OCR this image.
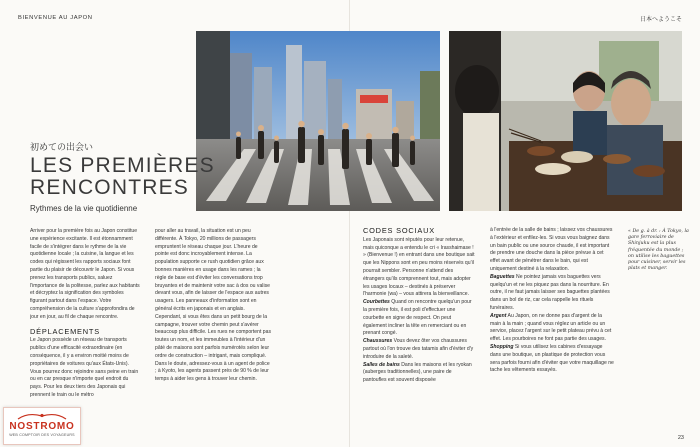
BIENVENUE AU JAPON	日本へようこそ
« De g. à dr. : À Tokyo, la gare ferroviaire de Shinjuku est la plus fréquentée du monde ; on utilise les baguettes pour cuisiner, servir les plats et manger.
初めての出会い
LES PREMIÈRES
RENCONTRES
Rythmes de la vie quotidienne

Arriver pour la première fois au Japon constitue une expérience excitante. Il est étonnamment facile de s'intégrer dans le rythme de la vie quotidienne locale ; la cuisine, la langue et les codes qui régissent les rapports sociaux font partie du plaisir de découvrir le Japon. Si vous prenez les transports publics, saluez l'importance de la politesse, parlez aux habitants et décryptez la signification des symboles figurant partout dans l'espace. Votre compréhension de la culture s'approfondira de jour en jour, au fil de chaque rencontre.

DÉPLACEMENTS

Le Japon possède un réseau de transports publics d'une efficacité extraordinaire (en conséquence, il y a environ moitié moins de propriétaires de voitures qu'aux États-Unis). Vous pourrez donc rejoindre sans peine en train ou en car presque n'importe quel endroit du pays. Pour les deux tiers des Japonais qui prennent le train ou le métro

pour aller au travail, la situation est un peu différente. À Tokyo, 20 millions de passagers empruntent le réseau chaque jour. L'heure de pointe est donc incroyablement intense. La population supporte ce rush quotidien grâce aux bonnes manières en usage dans les rames ; la règle de base est d'éviter les conversations trop bruyantes et de maintenir votre sac à dos ou valise devant vous, afin de laisser de l'espace aux autres usagers. Les panneaux d'information sont en général écrits en japonais et en anglais. Cependant, si vous êtes dans un petit bourg de la campagne, trouver votre chemin peut s'avérer beaucoup plus difficile. Les rues ne comportent pas toutes un nom, et les immeubles à l'intérieur d'un pâté de maisons sont parfois numérotés selon leur ordre de construction – intrigant, mais compliqué. Dans le doute, adressez-vous à un agent de police ; à Kyoto, les agents passent près de 90 % de leur temps à aider les gens à trouver leur chemin.

CODES SOCIAUX

Les Japonais sont réputés pour leur retenue, mais quiconque a entendu le cri « Irasshaimase ! » (Bienvenue !) en entrant dans une boutique sait que les Nippons sont en peu moins réservés qu'il pourrait sembler. Personne n'attend des étrangers qu'ils comprennent tout, mais adopter les usages locaux – destinés à préserver l'harmonie (wa) – vous attirera la bienveillance.

Courbettes Quand on rencontre quelqu'un pour la première fois, il est poli d'effectuer une courbette en signe de respect. On peut également incliner la tête en remerciant ou en prenant congé.

Chaussures Vous devez ôter vos chaussures partout où l'on trouve des tatamis afin d'éviter d'y introduire de la saleté.

Salles de bains Dans les maisons et les ryokan (auberges traditionnelles), une paire de pantoufles est souvent disposée

à l'entrée de la salle de bains ; laissez vos chaussures à l'extérieur et enfilez-les. Si vous vous baignez dans un bain public ou une source chaude, il est important de prendre une douche dans la pièce prévue à cet effet avant de pénétrer dans le bain, qui est uniquement destiné à la relaxation.

Baguettes Ne pointez jamais vos baguettes vers quelqu'un et ne les piquez pas dans la nourriture. En outre, il ne faut jamais laisser ses baguettes plantées dans un bol de riz, car cela rappelle les rituels funéraires.

Argent Au Japon, on ne donne pas d'argent de la main à la main ; quand vous réglez un article ou un service, placez l'argent sur le petit plateau prévu à cet effet. Les pourboires ne font pas partie des usages.

Shopping Si vous utilisez les cabines d'essayage dans une boutique, un plastique de protection vous sera parfois fourni afin d'éviter que votre maquillage ne tache les vêtements essayés.

23
NOSTROMO
WEB COMPTOIR DES VOYAGEURS
